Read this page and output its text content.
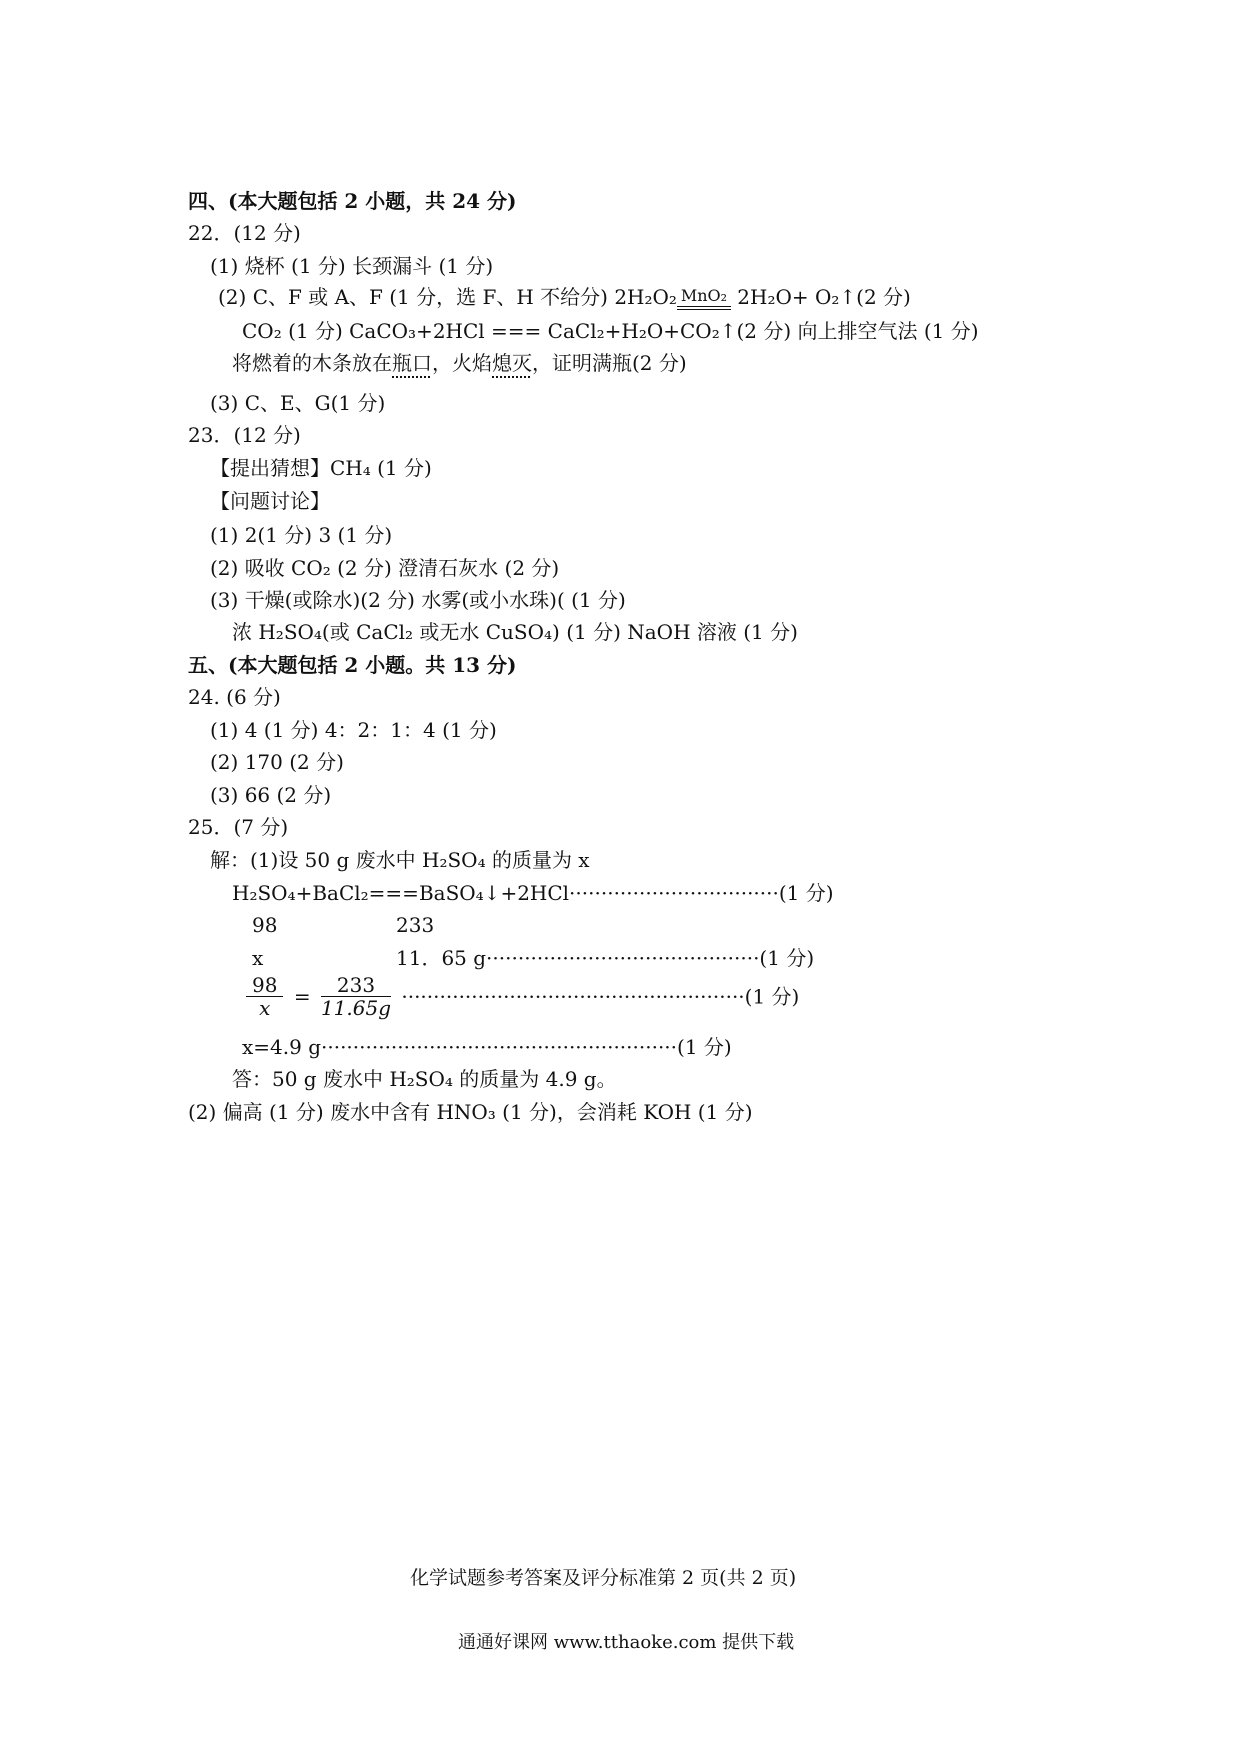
四、(本大题包括 2 小题，共 24 分)
22．(12 分)
(1) 烧杯 (1 分) 长颈漏斗 (1 分)
(2) C、F 或 A、F (1 分，选 F、H 不给分) 2H₂O₂ MnO₂ 2H₂O+ O₂↑(2 分)
CO₂ (1 分) CaCO₃+2HCl === CaCl₂+H₂O+CO₂↑(2 分) 向上排空气法 (1 分)
将燃着的木条放在瓶口，火焰熄灭，证明满瓶(2 分)
(3) C、E、G(1 分)
23．(12 分)
【提出猜想】CH₄ (1 分)
【问题讨论】
(1) 2(1 分) 3 (1 分)
(2) 吸收 CO₂ (2 分) 澄清石灰水 (2 分)
(3) 干燥(或除水)(2 分) 水雾(或小水珠)( (1 分)
浓 H₂SO₄(或 CaCl₂ 或无水 CuSO₄) (1 分) NaOH 溶液 (1 分)
五、(本大题包括 2 小题。共 13 分)
24. (6 分)
(1) 4 (1 分) 4：2：1：4 (1 分)
(2) 170 (2 分)
(3) 66 (2 分)
25．(7 分)
解：(1)设 50 g 废水中 H₂SO₄ 的质量为 x
H₂SO₄+BaCl₂===BaSO₄↓+2HCl·································(1 分)
98	233
x	11．65 g···········································(1 分)
$\frac{98}{x} = \frac{233}{11.65g} \cdot\cdot\cdot\cdot\cdot\cdot\cdot\cdot\cdot\cdot\cdot\cdot\cdot\cdot\cdot\cdot\cdot\cdot\cdot\cdot\cdot\cdot\cdot\cdot\cdot\cdot\cdot\cdot\cdot\cdot\cdot\cdot\cdot\cdot\cdot\cdot\cdot\cdot\cdot\cdot\cdot\cdot\cdot\cdot\cdot\cdot\cdot\cdot\cdot\cdot\cdot\cdot\cdot\cdot(1$ 分)
x=4.9 g························································(1 分)
答：50 g 废水中 H₂SO₄ 的质量为 4.9 g。
(2) 偏高 (1 分) 废水中含有 HNO₃ (1 分)，会消耗 KOH (1 分)
化学试题参考答案及评分标准第 2 页(共 2 页)
通通好课网 www.tthaoke.com 提供下载
